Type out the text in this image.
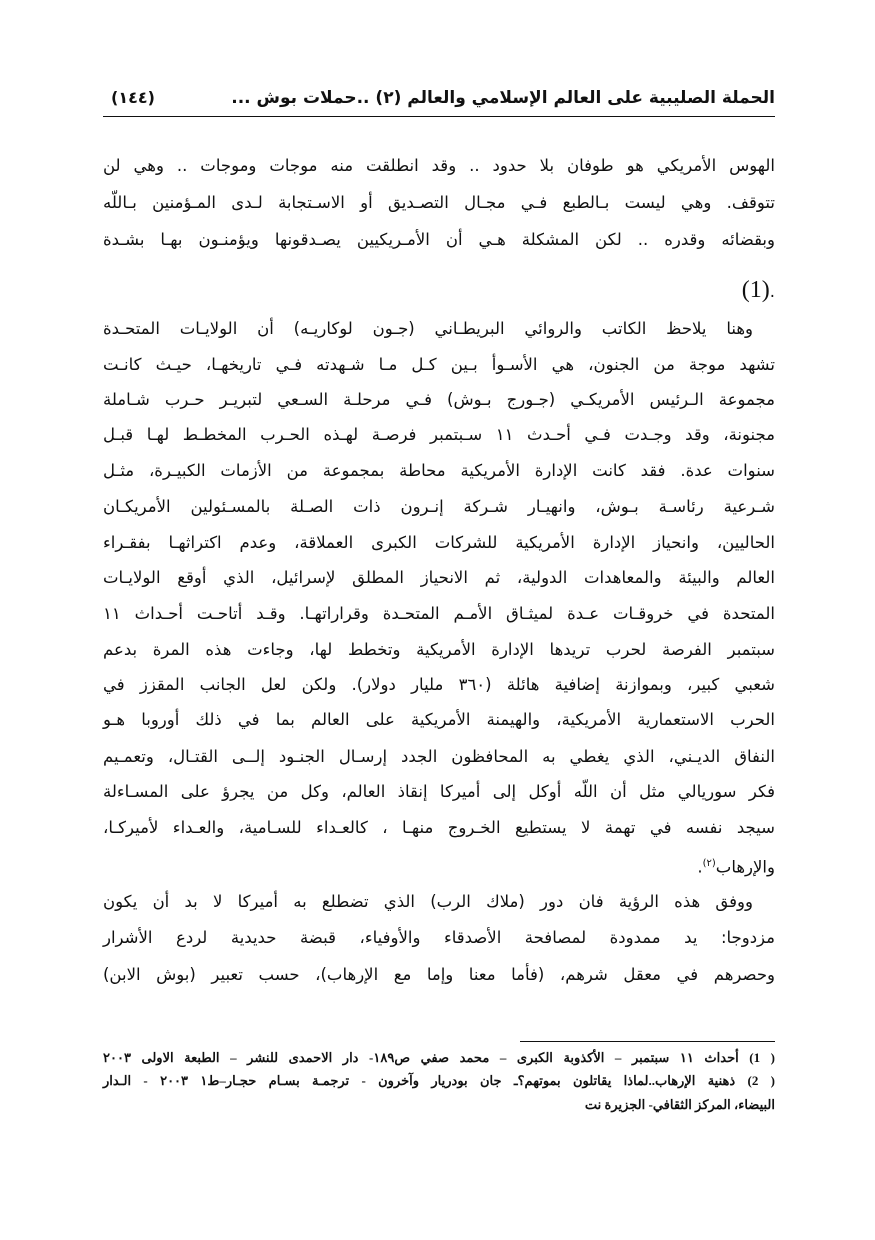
الحملة الصليبية على العالم الإسلامي والعالم (٢) ..حملات بوش ...
(١٤٤)
الهوس الأمريكي هو طوفان بلا حدود .. وقد انطلقت منه موجات وموجات .. وهي لن
تتوقف. وهي ليست بـالطبع فـي مجـال التصـديق أو الاسـتجابة لـدى المـؤمنين بـاللّه
وبقضائه وقدره .. لكن المشكلة هـي أن الأمـريكيين يصـدقونها ويؤمنـون بهـا بشـدة
.(1)
وهنا يلاحظ الكاتب والروائي البريطـاني (جـون لوكاريـه) أن الولايـات المتحـدة
تشهد موجة من الجنون، هي الأسـوأ بـين كـل مـا شـهدته فـي تاريخهـا، حيـث كانـت
مجموعة الـرئيس الأمريكـي (جـورج بـوش) فـي مرحلـة السـعي لتبريـر حـرب شـاملة
مجنونة، وقد وجـدت فـي أحـدث ١١ سـبتمبر فرصـة لهـذه الحـرب المخطـط لهـا قبـل
سنوات عدة. فقد كانت الإدارة الأمريكية محاطة بمجموعة من الأزمات الكبيـرة، مثـل
شـرعية رئاسـة بـوش، وانهيـار شـركة إنـرون ذات الصـلة بالمسـئولين الأمريكـان
الحاليين، وانحياز الإدارة الأمريكية للشركات الكبرى العملاقة، وعدم اكتراثهـا بفقـراء
العالم والبيئة والمعاهدات الدولية، ثم الانحياز المطلق لإسرائيل، الذي أوقع الولايـات
المتحدة في خروقـات عـدة لميثـاق الأمـم المتحـدة وقراراتهـا. وقـد أتاحـت أحـداث ١١
سبتمبر الفرصة لحرب تريدها الإدارة الأمريكية وتخطط لها، وجاءت هذه المرة بدعم
شعبي كبير، وبموازنة إضافية هائلة (٣٦٠ مليار دولار). ولكن لعل الجانب المقزز في
الحرب الاستعمارية الأمريكية، والهيمنة الأمريكية على العالم بما في ذلك أوروبا هـو
النفاق الديـني، الذي يغطي به المحافظون الجدد إرسـال الجنـود إلــى القتـال، وتعمـيم
فكر سوريالي مثل أن اللّه أوكل إلى أميركا إنقاذ العالم، وكل من يجرؤ على المسـاءلة
سيجد نفسه في تهمة لا يستطيع الخـروج منهـا ، كالعـداء للسـامية، والعـداء لأميركـا،
والإرهاب$^{(٢)}$.
ووفق هذه الرؤية فان دور (ملاك الرب) الذي تضطلع به أميركا لا بد أن يكون
مزدوجا: يد ممدودة لمصافحة الأصدقاء والأوفياء، قبضة حديدية لردع الأشرار
وحصرهم في معقل شرهم، (فأما معنا وإما مع الإرهاب)، حسب تعبير (بوش الابن)
( 1) أحداث ١١ سبتمبر – الأكذوبة الكبرى – محمد صفي ص١٨٩- دار الاحمدى للنشر – الطبعة الاولى ٢٠٠٣
( 2) ذهنية الإرهاب..لماذا يقاتلون بموتهم؟ـ جان بودريار وآخرون - ترجمـة بسـام حجـار–ط١ ٢٠٠٣ - الـدار
البيضاء، المركز الثقافي- الجزيرة نت
